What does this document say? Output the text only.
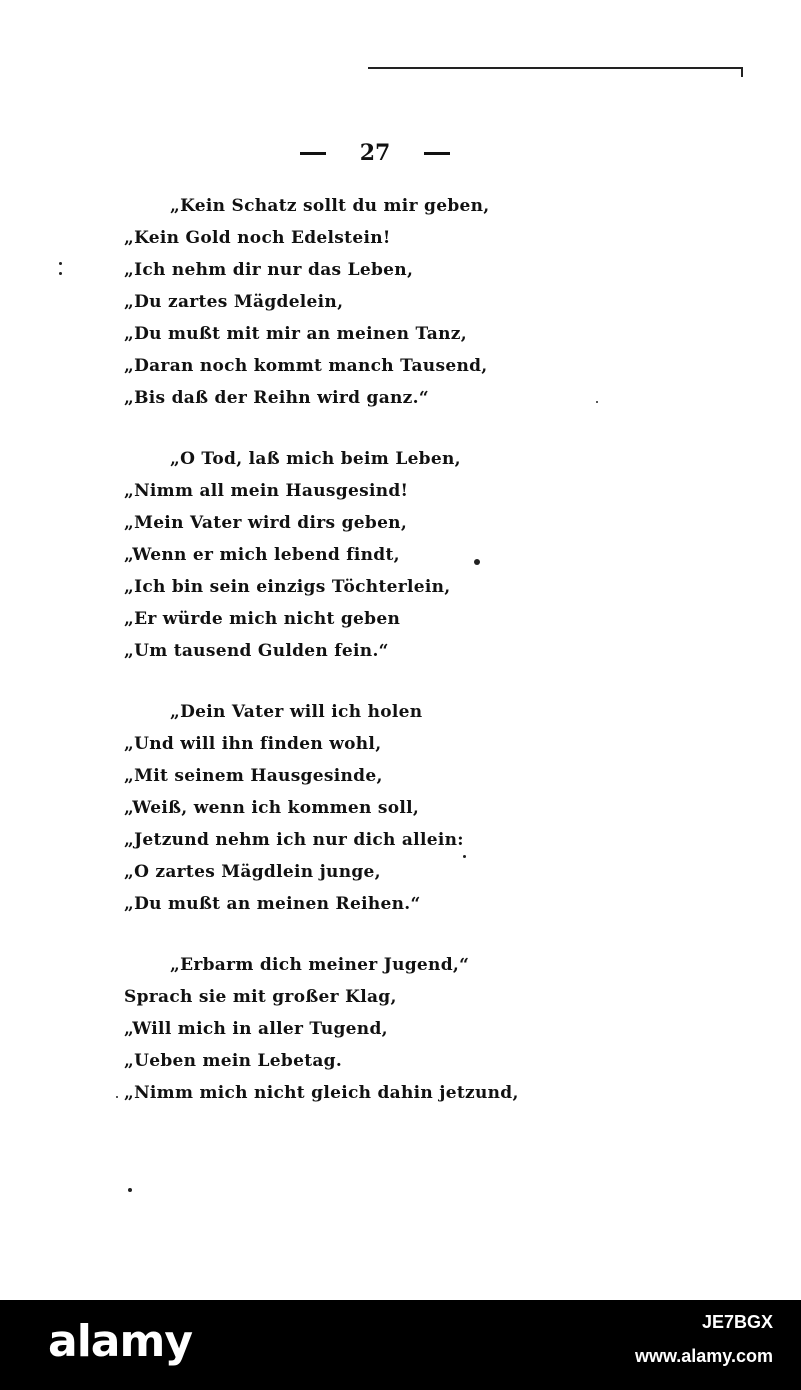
27
„Kein Schatz sollt du mir geben,
„Kein Gold noch Edelstein!
„Ich nehm dir nur das Leben,
„Du zartes Mägdelein,
„Du mußt mit mir an meinen Tanz,
„Daran noch kommt manch Tausend,
„Bis daß der Reihn wird ganz.“
„O Tod, laß mich beim Leben,
„Nimm all mein Hausgesind!
„Mein Vater wird dirs geben,
„Wenn er mich lebend findt,
„Ich bin sein einzigs Töchterlein,
„Er würde mich nicht geben
„Um tausend Gulden fein.“
„Dein Vater will ich holen
„Und will ihn finden wohl,
„Mit seinem Hausgesinde,
„Weiß, wenn ich kommen soll,
„Jetzund nehm ich nur dich allein:
„O zartes Mägdlein junge,
„Du mußt an meinen Reihen.“
„Erbarm dich meiner Jugend,“
Sprach sie mit großer Klag,
„Will mich in aller Tugend,
„Ueben mein Lebetag.
„Nimm mich nicht gleich dahin jetzund,
alamy	JE7BGX
www.alamy.com
